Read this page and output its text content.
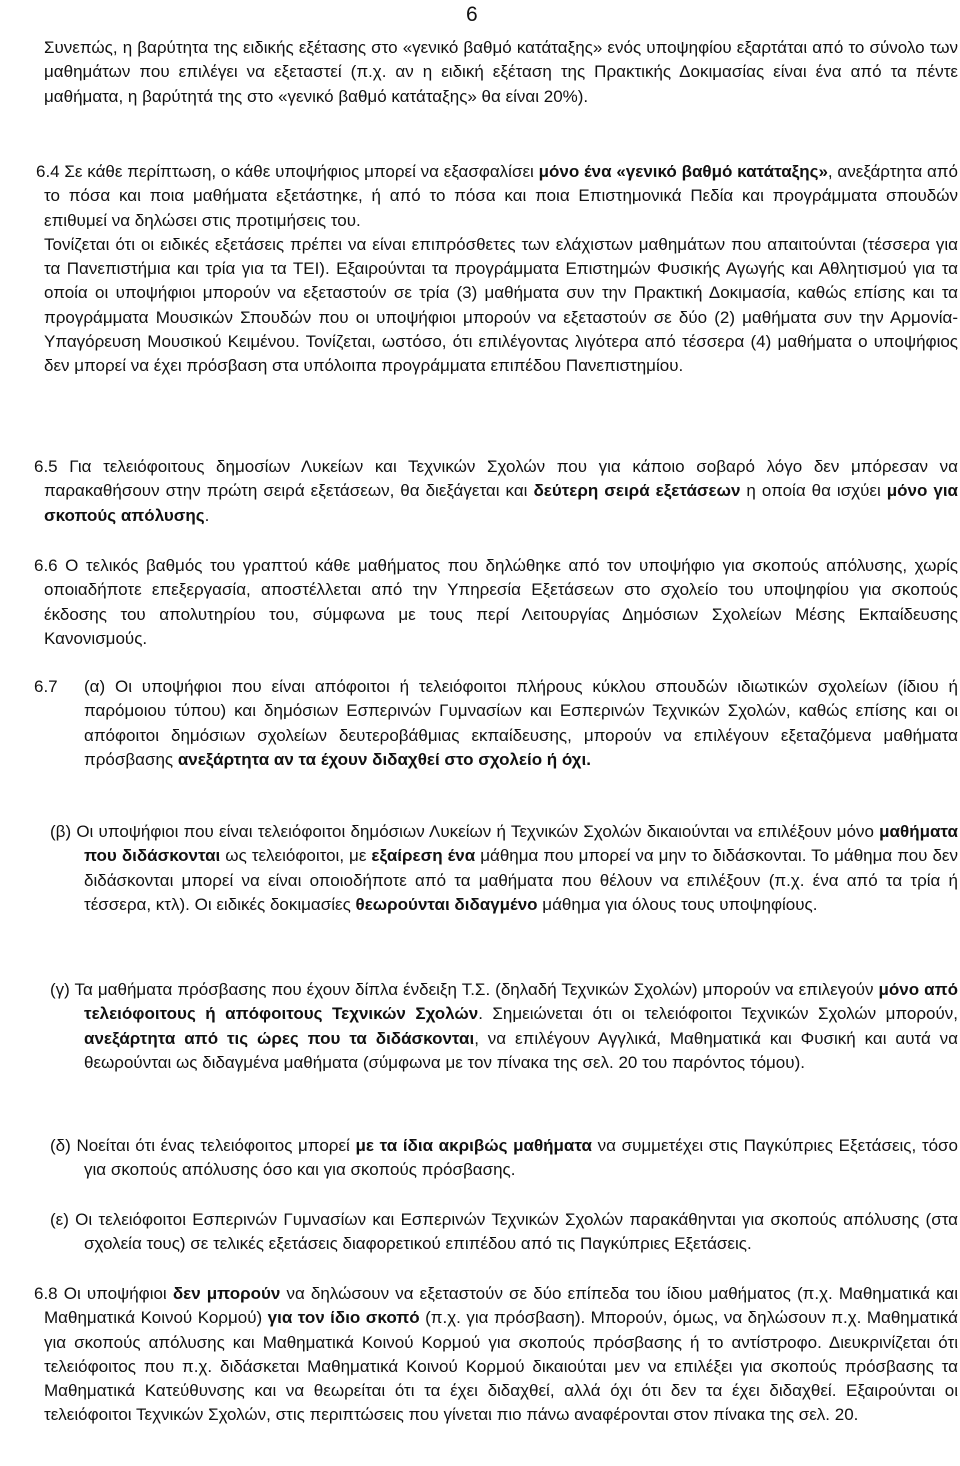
6

Συνεπώς, η βαρύτητα της ειδικής εξέτασης στο «γενικό βαθμό κατάταξης» ενός υποψηφίου εξαρτάται από το σύνολο των μαθημάτων που επιλέγει να εξεταστεί (π.χ. αν η ειδική εξέταση της Πρακτικής Δοκιμασίας είναι ένα από τα πέντε μαθήματα, η βαρύτητά της στο «γενικό βαθμό κατάταξης» θα είναι 20%).

6.4 Σε κάθε περίπτωση, ο κάθε υποψήφιος μπορεί να εξασφαλίσει μόνο ένα «γενικό βαθμό κατάταξης», ανεξάρτητα από το πόσα και ποια μαθήματα εξετάστηκε, ή από το πόσα και ποια Επιστημονικά Πεδία και προγράμματα σπουδών επιθυμεί να δηλώσει στις προτιμήσεις του.

Τονίζεται ότι οι ειδικές εξετάσεις πρέπει να είναι επιπρόσθετες των ελάχιστων μαθημάτων που απαιτούνται (τέσσερα για τα Πανεπιστήμια και τρία για τα ΤΕΙ). Εξαιρούνται τα προγράμματα Επιστημών Φυσικής Αγωγής και Αθλητισμού για τα οποία οι υποψήφιοι μπορούν να εξεταστούν σε τρία (3) μαθήματα συν την Πρακτική Δοκιμασία, καθώς επίσης και τα προγράμματα Μουσικών Σπουδών που οι υποψήφιοι μπορούν να εξεταστούν σε δύο (2) μαθήματα συν την Αρμονία-Υπαγόρευση Μουσικού Κειμένου. Τονίζεται, ωστόσο, ότι επιλέγοντας λιγότερα από τέσσερα (4) μαθήματα ο υποψήφιος δεν μπορεί να έχει πρόσβαση στα υπόλοιπα προγράμματα επιπέδου Πανεπιστημίου.

6.5 Για τελειόφοιτους δημοσίων Λυκείων και Τεχνικών Σχολών που για κάποιο σοβαρό λόγο δεν μπόρεσαν να παρακαθήσουν στην πρώτη σειρά εξετάσεων, θα διεξάγεται και δεύτερη σειρά εξετάσεων η οποία θα ισχύει μόνο για σκοπούς απόλυσης.

6.6 Ο τελικός βαθμός του γραπτού κάθε μαθήματος που δηλώθηκε από τον υποψήφιο για σκοπούς απόλυσης, χωρίς οποιαδήποτε επεξεργασία, αποστέλλεται από την Υπηρεσία Εξετάσεων στο σχολείο του υποψηφίου για σκοπούς έκδοσης του απολυτηρίου του, σύμφωνα με τους περί Λειτουργίας Δημόσιων Σχολείων Μέσης Εκπαίδευσης Κανονισμούς.

6.7	(α) Οι υποψήφιοι που είναι απόφοιτοι ή τελειόφοιτοι πλήρους κύκλου σπουδών ιδιωτικών σχολείων (ίδιου ή παρόμοιου τύπου) και δημόσιων Εσπερινών Γυμνασίων και Εσπερινών Τεχνικών Σχολών, καθώς επίσης και οι απόφοιτοι δημόσιων σχολείων δευτεροβάθμιας εκπαίδευσης, μπορούν να επιλέγουν εξεταζόμενα μαθήματα πρόσβασης ανεξάρτητα αν τα έχουν διδαχθεί στο σχολείο ή όχι.

(β) Οι υποψήφιοι που είναι τελειόφοιτοι δημόσιων Λυκείων ή Τεχνικών Σχολών δικαιούνται να επιλέξουν μόνο μαθήματα που διδάσκονται ως τελειόφοιτοι, με εξαίρεση ένα μάθημα που μπορεί να μην το διδάσκονται. Το μάθημα που δεν διδάσκονται μπορεί να είναι οποιοδήποτε από τα μαθήματα που θέλουν να επιλέξουν (π.χ. ένα από τα τρία ή τέσσερα, κτλ). Οι ειδικές δοκιμασίες θεωρούνται διδαγμένο μάθημα για όλους τους υποψηφίους.

(γ) Τα μαθήματα πρόσβασης που έχουν δίπλα ένδειξη Τ.Σ. (δηλαδή Τεχνικών Σχολών) μπορούν να επιλεγούν μόνο από τελειόφοιτους ή απόφοιτους Τεχνικών Σχολών. Σημειώνεται ότι οι τελειόφοιτοι Τεχνικών Σχολών μπορούν, ανεξάρτητα από τις ώρες που τα διδάσκονται, να επιλέγουν Αγγλικά, Μαθηματικά και Φυσική και αυτά να θεωρούνται ως διδαγμένα μαθήματα (σύμφωνα με τον πίνακα της σελ. 20 του παρόντος τόμου).

(δ) Νοείται ότι ένας τελειόφοιτος μπορεί με τα ίδια ακριβώς μαθήματα να συμμετέχει στις Παγκύπριες Εξετάσεις, τόσο για σκοπούς απόλυσης όσο και για σκοπούς πρόσβασης.

(ε) Οι τελειόφοιτοι Εσπερινών Γυμνασίων και Εσπερινών Τεχνικών Σχολών παρακάθηνται για σκοπούς απόλυσης (στα σχολεία τους) σε τελικές εξετάσεις διαφορετικού επιπέδου από τις Παγκύπριες Εξετάσεις.

6.8 Οι υποψήφιοι δεν μπορούν να δηλώσουν να εξεταστούν σε δύο επίπεδα του ίδιου μαθήματος (π.χ. Μαθηματικά και Μαθηματικά Κοινού Κορμού) για τον ίδιο σκοπό (π.χ. για πρόσβαση). Μπορούν, όμως, να δηλώσουν π.χ. Μαθηματικά για σκοπούς απόλυσης και Μαθηματικά Κοινού Κορμού για σκοπούς πρόσβασης ή το αντίστροφο. Διευκρινίζεται ότι τελειόφοιτος που π.χ. διδάσκεται Μαθηματικά Κοινού Κορμού δικαιούται μεν να επιλέξει για σκοπούς πρόσβασης τα Μαθηματικά Κατεύθυνσης και να θεωρείται ότι τα έχει διδαχθεί, αλλά όχι ότι δεν τα έχει διδαχθεί. Εξαιρούνται οι τελειόφοιτοι Τεχνικών Σχολών, στις περιπτώσεις που γίνεται πιο πάνω αναφέρονται στον πίνακα της σελ. 20.
